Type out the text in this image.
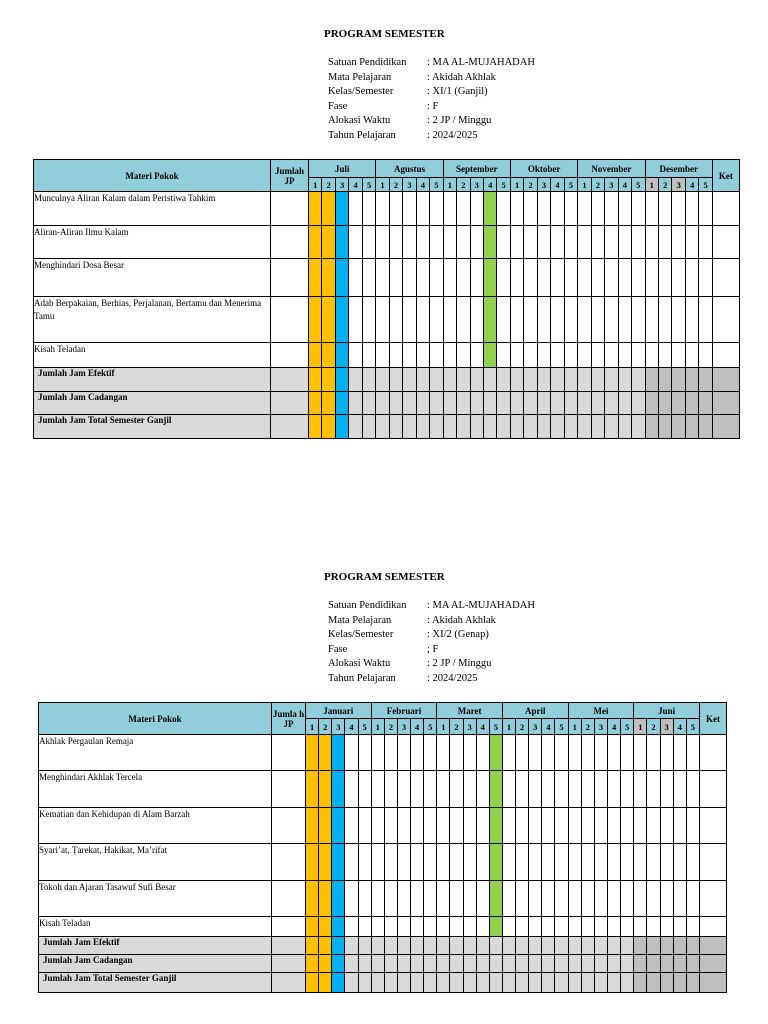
PROGRAM SEMESTER
Satuan Pendidikan	: MA AL-MUJAHADAH
Mata Pelajaran	: Akidah Akhlak
Kelas/Semester	: XI/1 (Ganjil)
Fase	: F
Alokasi Waktu	: 2 JP / Minggu
Tahun Pelajaran	: 2024/2025
Materi Pokok	Jumlah JP	Juli					Agustus					September					Oktober					November					Desember					Ket
		1	2	3	4	5	1	2	3	4	5	1	2	3	4	5	1	2	3	4	5	1	2	3	4	5	1	2	3	4	5	
Munculnya Aliran Kalam dalam Peristiwa Tahkim																																
Aliran-Aliran Ilmu Kalam																																
Menghindari Dosa Besar																																
Adab Berpakaian, Berhias, Perjalanan, Bertamu dan Menerima Tamu																																
Kisah Teladan																																
Jumlah Jam Efektif																																
Jumlah Jam Cadangan																																
Jumlah Jam Total Semester Ganjil																																
PROGRAM SEMESTER
Satuan Pendidikan	: MA AL-MUJAHADAH
Mata Pelajaran	: Akidah Akhlak
Kelas/Semester	: XI/2 (Genap)
Fase	; F
Alokasi Waktu	: 2 JP / Minggu
Tahun Pelajaran	: 2024/2025
Materi Pokok	Jumla h JP	Januari					Februari					Maret					April					Mei					Juni					Ket
		1	2	3	4	5	1	2	3	4	5	1	2	3	4	5	1	2	3	4	5	1	2	3	4	5	1	2	3	4	5	
Akhlak Pergaulan Remaja																																
Menghindari Akhlak Tercela																																
Kematian dan Kehidupan di Alam Barzah																																
Syari’at, Ṭarekat, Hakikat, Ma’rifat																																
Tokoh dan Ajaran Tasawuf Sufi Besar																																
Kisah Teladan																																
Jumlah Jam Efektif																																
Jumlah Jam Cadangan																																
Jumlah Jam Total Semester Ganjil																																
